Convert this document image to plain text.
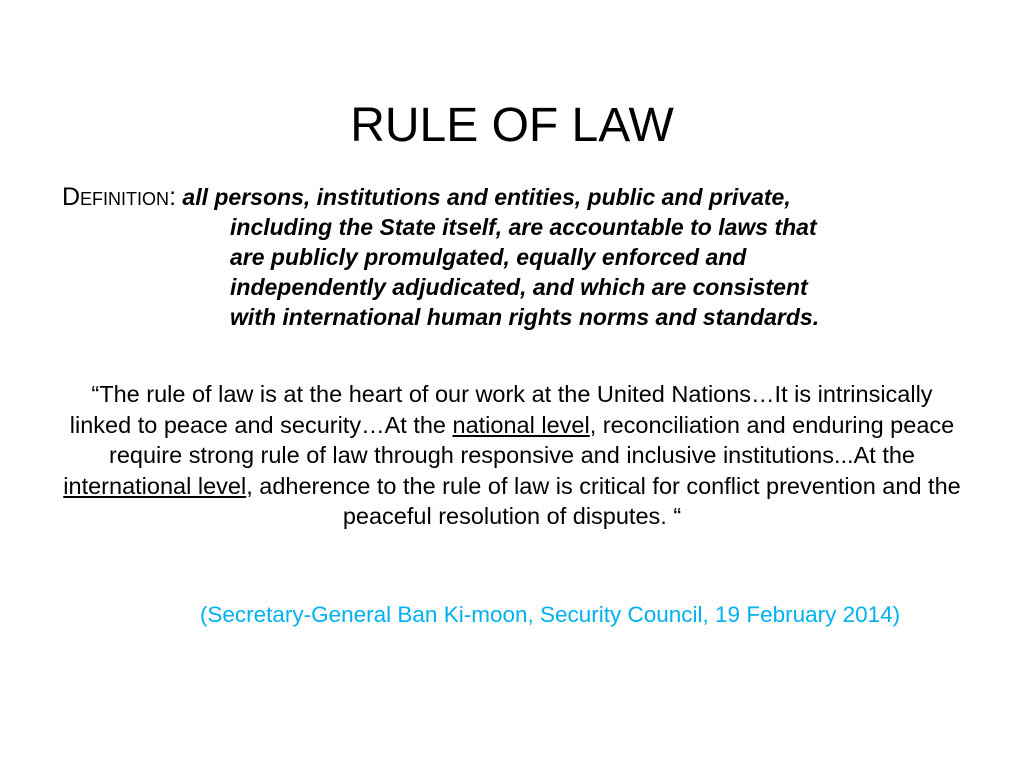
RULE OF LAW
Definition: all persons, institutions and entities, public and private,
including the State itself, are accountable to laws that
are publicly promulgated, equally enforced and
independently adjudicated, and which are consistent
with international human rights norms and standards.

“The rule of law is at the heart of our work at the United Nations…It is intrinsically linked to peace and security…At the national level, reconciliation and enduring peace require strong rule of law through responsive and inclusive institutions...At the international level, adherence to the rule of law is critical for conflict prevention and the peaceful resolution of disputes. “

(Secretary-General Ban Ki-moon, Security Council, 19 February 2014)
